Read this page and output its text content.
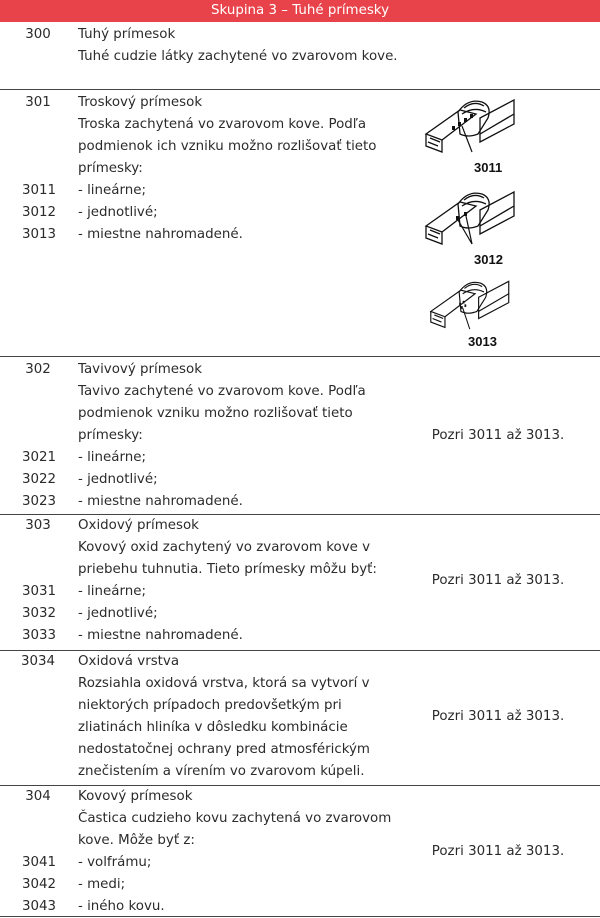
Skupina 3 – Tuhé prímesky
300	Tuhý prímesok
Tuhé cudzie látky zachytené vo zvarovom kove.
301	Troskový prímesok
Troska zachytená vo zvarovom kove. Podľa
podmienok ich vzniku možno rozlišovať tieto
prímesky:
3011 - lineárne;
3012 - jednotlivé;
3013 - miestne nahromadené.
3011
3012
3013
302	Tavivový prímesok
Tavivo zachytené vo zvarovom kove. Podľa
podmienok vzniku možno rozlišovať tieto
prímesky:
3021 - lineárne;
3022 - jednotlivé;
3023 - miestne nahromadené.
Pozri 3011 až 3013.
303	Oxidový prímesok
Kovový oxid zachytený vo zvarovom kove v
priebehu tuhnutia. Tieto prímesky môžu byť:
3031 - lineárne;
3032 - jednotlivé;
3033 - miestne nahromadené.
Pozri 3011 až 3013.
3034	Oxidová vrstva
Rozsiahla oxidová vrstva, ktorá sa vytvorí v
niektorých prípadoch predovšetkým pri
zliatinách hliníka v dôsledku kombinácie
nedostatočnej ochrany pred atmosférickým
znečistením a vírením vo zvarovom kúpeli.
Pozri 3011 až 3013.
304	Kovový prímesok
Častica cudzieho kovu zachytená vo zvarovom
kove. Môže byť z:
3041 - volfrámu;
3042 - medi;
3043 - iného kovu.
Pozri 3011 až 3013.
